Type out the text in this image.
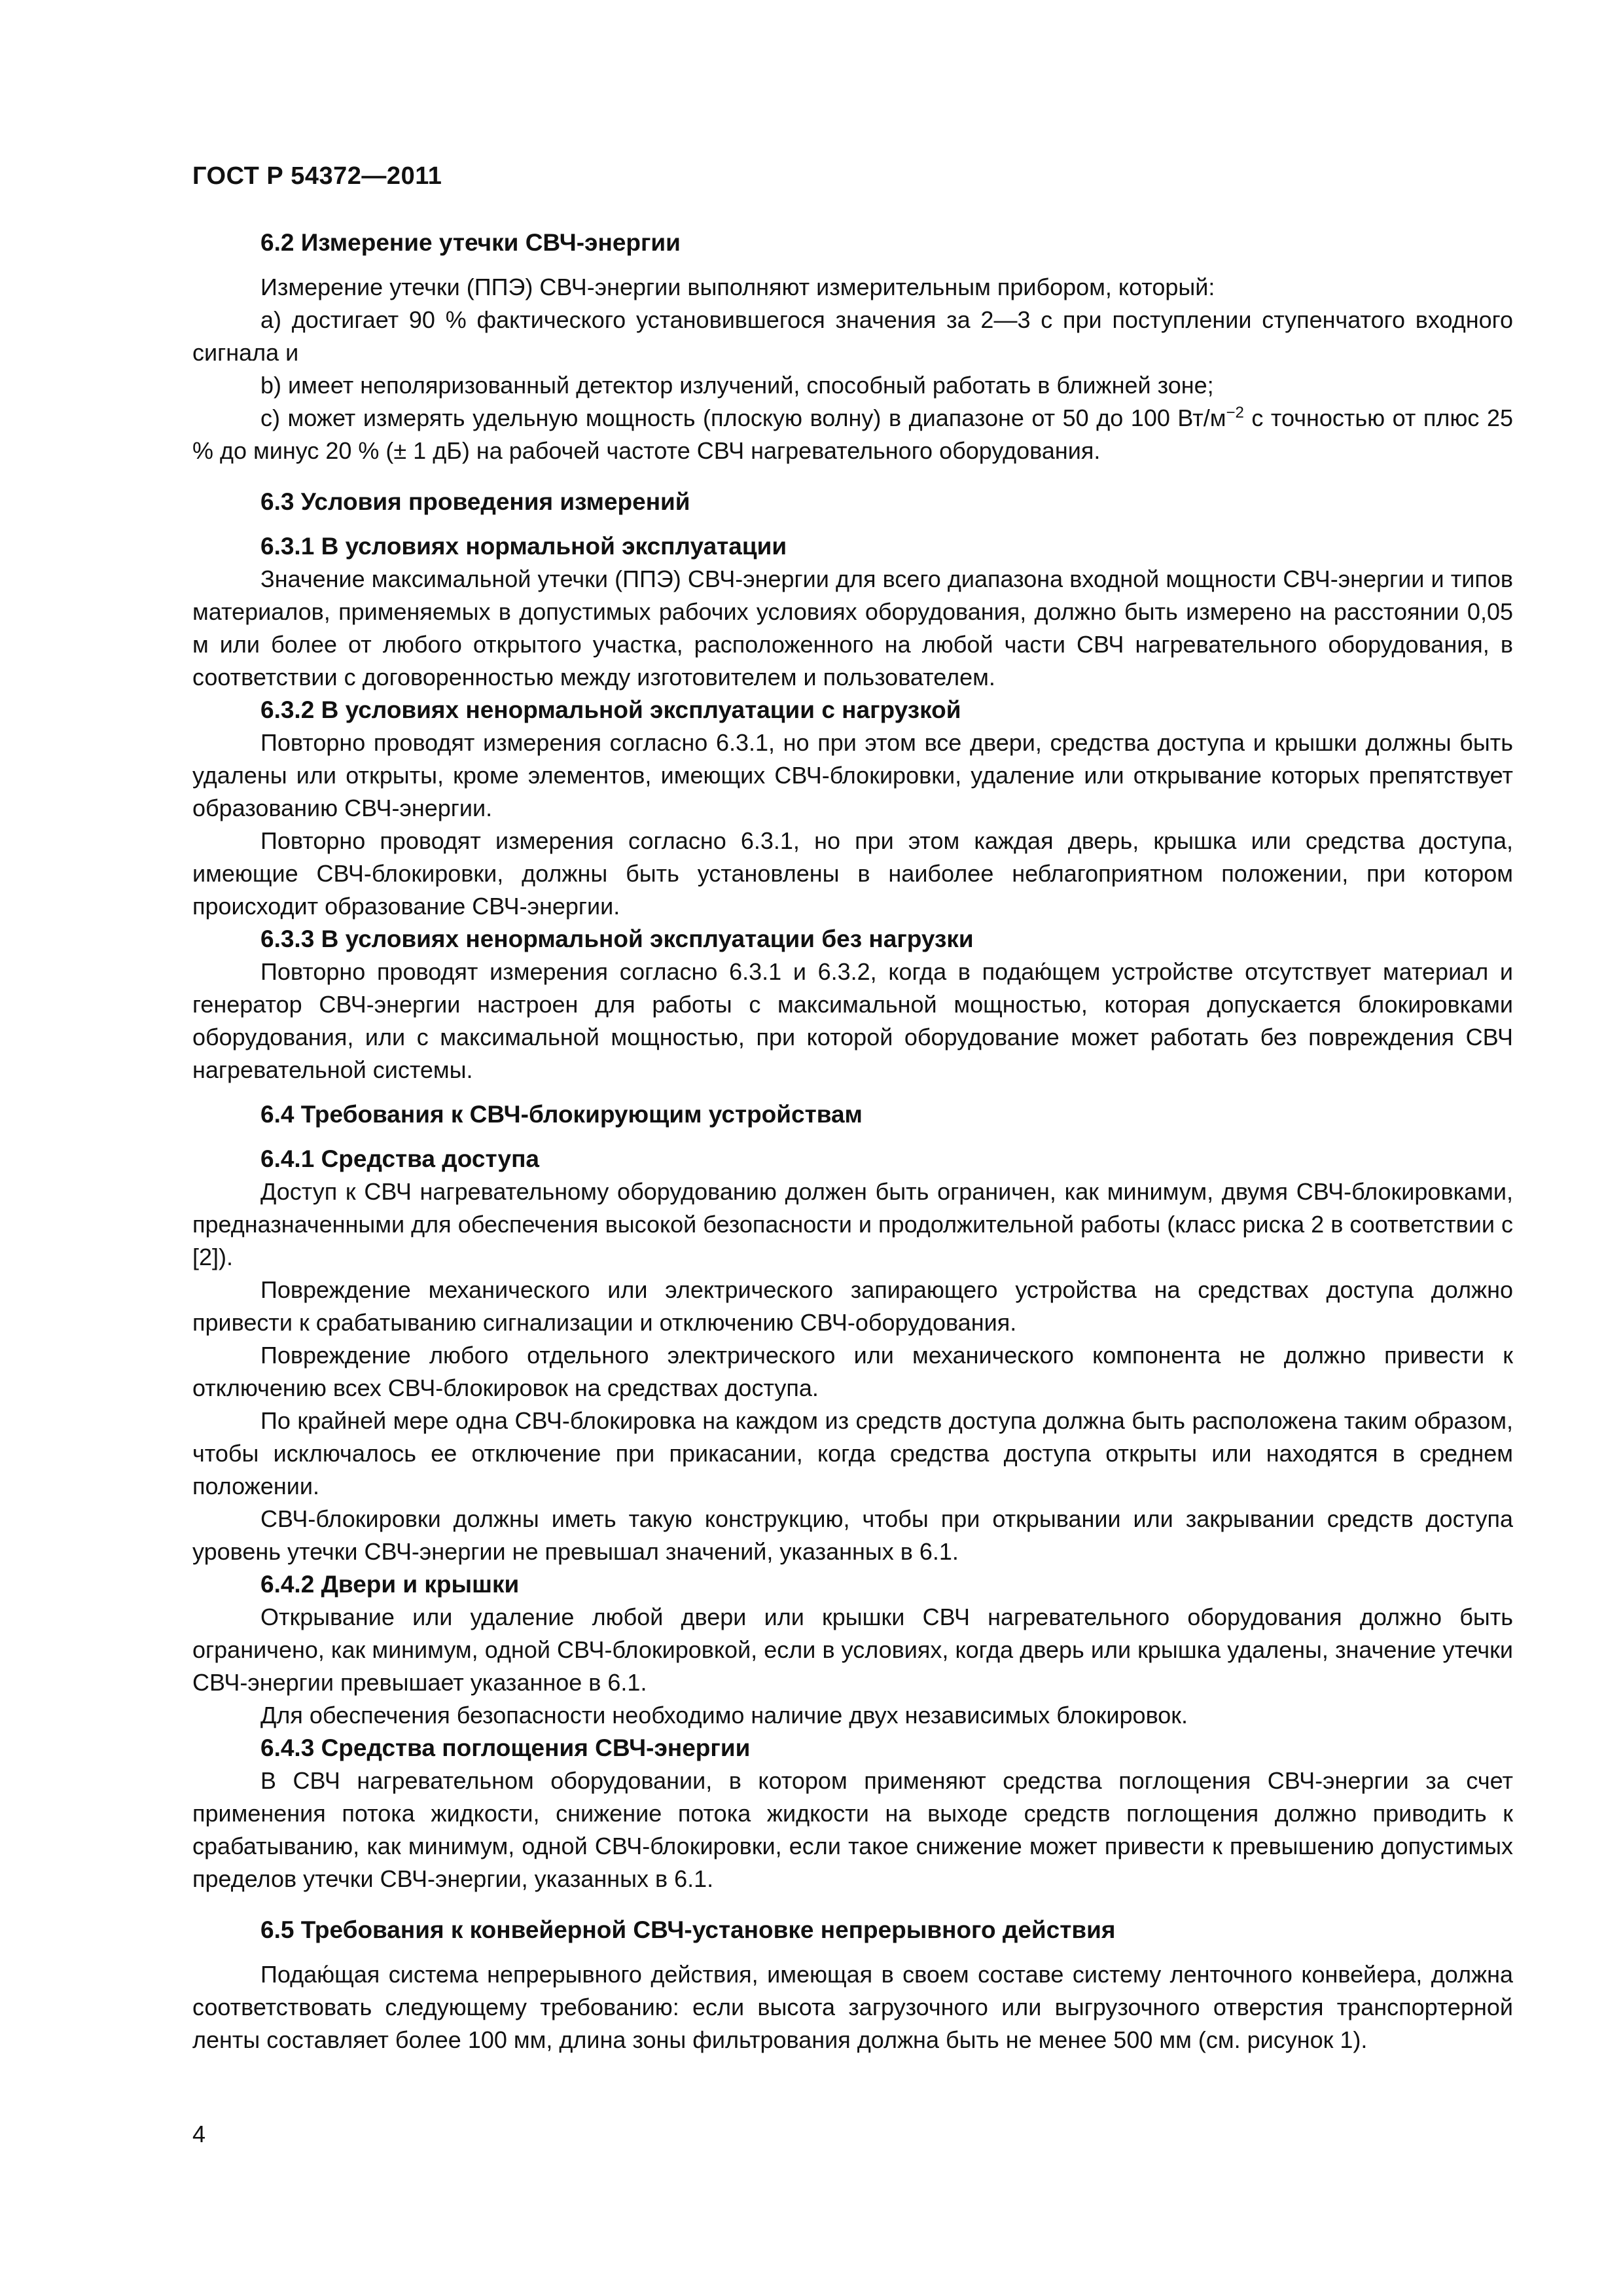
ГОСТ Р 54372—2011
6.2 Измерение утечки СВЧ-энергии

Измерение утечки (ППЭ) СВЧ-энергии выполняют измерительным прибором, который:

a) достигает 90 % фактического установившегося значения за 2—3 с при поступлении ступенчатого входного сигнала и

b) имеет неполяризованный детектор излучений, способный работать в ближней зоне;

c) может измерять удельную мощность (плоскую волну) в диапазоне от 50 до 100 $Вт/м^{-2}$ с точностью от плюс 25 % до минус 20 % (± 1 дБ) на рабочей частоте СВЧ нагревательного оборудования.

6.3 Условия проведения измерений
6.3.1 В условиях нормальной эксплуатации

Значение максимальной утечки (ППЭ) СВЧ-энергии для всего диапазона входной мощности СВЧ-энергии и типов материалов, применяемых в допустимых рабочих условиях оборудования, должно быть измерено на расстоянии 0,05 м или более от любого открытого участка, расположенного на любой части СВЧ нагревательного оборудования, в соответствии с договоренностью между изготовителем и пользователем.

6.3.2 В условиях ненормальной эксплуатации с нагрузкой

Повторно проводят измерения согласно 6.3.1, но при этом все двери, средства доступа и крышки должны быть удалены или открыты, кроме элементов, имеющих СВЧ-блокировки, удаление или открывание которых препятствует образованию СВЧ-энергии.

Повторно проводят измерения согласно 6.3.1, но при этом каждая дверь, крышка или средства доступа, имеющие СВЧ-блокировки, должны быть установлены в наиболее неблагоприятном положении, при котором происходит образование СВЧ-энергии.

6.3.3 В условиях ненормальной эксплуатации без нагрузки

Повторно проводят измерения согласно 6.3.1 и 6.3.2, когда в подаю́щем устройстве отсутствует материал и генератор СВЧ-энергии настроен для работы с максимальной мощностью, которая допускается блокировками оборудования, или с максимальной мощностью, при которой оборудование может работать без повреждения СВЧ нагревательной системы.

6.4 Требования к СВЧ-блокирующим устройствам
6.4.1 Средства доступа

Доступ к СВЧ нагревательному оборудованию должен быть ограничен, как минимум, двумя СВЧ-блокировками, предназначенными для обеспечения высокой безопасности и продолжительной работы (класс риска 2 в соответствии с [2]).

Повреждение механического или электрического запирающего устройства на средствах доступа должно привести к срабатыванию сигнализации и отключению СВЧ-оборудования.

Повреждение любого отдельного электрического или механического компонента не должно привести к отключению всех СВЧ-блокировок на средствах доступа.

По крайней мере одна СВЧ-блокировка на каждом из средств доступа должна быть расположена таким образом, чтобы исключалось ее отключение при прикасании, когда средства доступа открыты или находятся в среднем положении.

СВЧ-блокировки должны иметь такую конструкцию, чтобы при открывании или закрывании средств доступа уровень утечки СВЧ-энергии не превышал значений, указанных в 6.1.

6.4.2 Двери и крышки

Открывание или удаление любой двери или крышки СВЧ нагревательного оборудования должно быть ограничено, как минимум, одной СВЧ-блокировкой, если в условиях, когда дверь или крышка удалены, значение утечки СВЧ-энергии превышает указанное в 6.1.

Для обеспечения безопасности необходимо наличие двух независимых блокировок.

6.4.3 Средства поглощения СВЧ-энергии

В СВЧ нагревательном оборудовании, в котором применяют средства поглощения СВЧ-энергии за счет применения потока жидкости, снижение потока жидкости на выходе средств поглощения должно приводить к срабатыванию, как минимум, одной СВЧ-блокировки, если такое снижение может привести к превышению допустимых пределов утечки СВЧ-энергии, указанных в 6.1.

6.5 Требования к конвейерной СВЧ-установке непрерывного действия

Подаю́щая система непрерывного действия, имеющая в своем составе систему ленточного конвейера, должна соответствовать следующему требованию: если высота загрузочного или выгрузочного отверстия транспортерной ленты составляет более 100 мм, длина зоны фильтрования должна быть не менее 500 мм (см. рисунок 1).

4
